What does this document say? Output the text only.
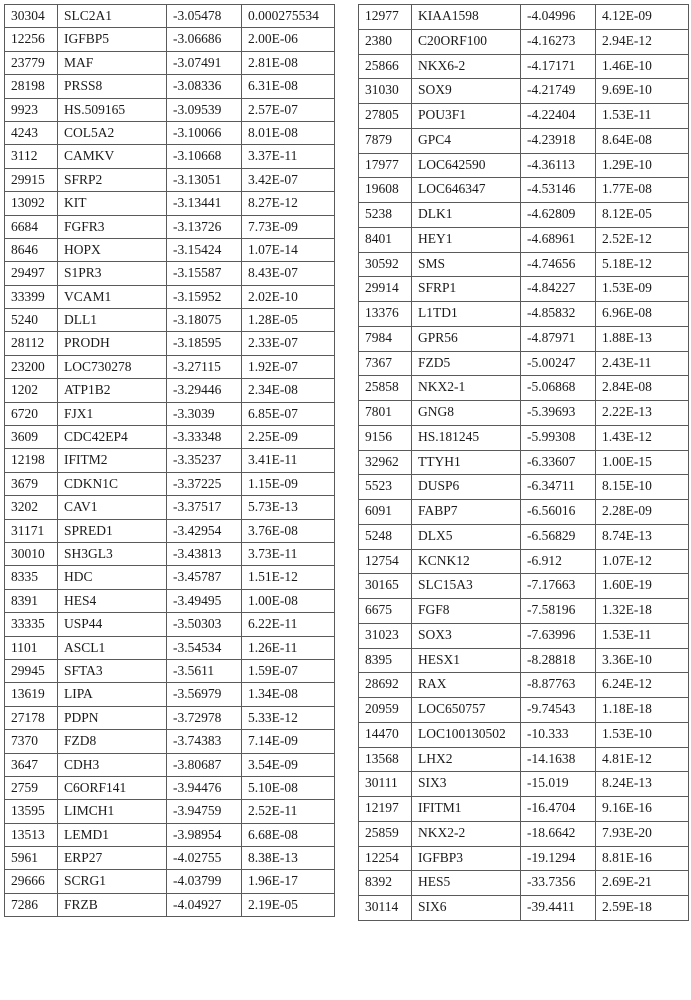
30304	SLC2A1	-3.05478	0.000275534
12256	IGFBP5	-3.06686	2.00E-06
23779	MAF	-3.07491	2.81E-08
28198	PRSS8	-3.08336	6.31E-08
9923	HS.509165	-3.09539	2.57E-07
4243	COL5A2	-3.10066	8.01E-08
3112	CAMKV	-3.10668	3.37E-11
29915	SFRP2	-3.13051	3.42E-07
13092	KIT	-3.13441	8.27E-12
6684	FGFR3	-3.13726	7.73E-09
8646	HOPX	-3.15424	1.07E-14
29497	S1PR3	-3.15587	8.43E-07
33399	VCAM1	-3.15952	2.02E-10
5240	DLL1	-3.18075	1.28E-05
28112	PRODH	-3.18595	2.33E-07
23200	LOC730278	-3.27115	1.92E-07
1202	ATP1B2	-3.29446	2.34E-08
6720	FJX1	-3.3039	6.85E-07
3609	CDC42EP4	-3.33348	2.25E-09
12198	IFITM2	-3.35237	3.41E-11
3679	CDKN1C	-3.37225	1.15E-09
3202	CAV1	-3.37517	5.73E-13
31171	SPRED1	-3.42954	3.76E-08
30010	SH3GL3	-3.43813	3.73E-11
8335	HDC	-3.45787	1.51E-12
8391	HES4	-3.49495	1.00E-08
33335	USP44	-3.50303	6.22E-11
1101	ASCL1	-3.54534	1.26E-11
29945	SFTA3	-3.5611	1.59E-07
13619	LIPA	-3.56979	1.34E-08
27178	PDPN	-3.72978	5.33E-12
7370	FZD8	-3.74383	7.14E-09
3647	CDH3	-3.80687	3.54E-09
2759	C6ORF141	-3.94476	5.10E-08
13595	LIMCH1	-3.94759	2.52E-11
13513	LEMD1	-3.98954	6.68E-08
5961	ERP27	-4.02755	8.38E-13
29666	SCRG1	-4.03799	1.96E-17
7286	FRZB	-4.04927	2.19E-05
12977	KIAA1598	-4.04996	4.12E-09
2380	C20ORF100	-4.16273	2.94E-12
25866	NKX6-2	-4.17171	1.46E-10
31030	SOX9	-4.21749	9.69E-10
27805	POU3F1	-4.22404	1.53E-11
7879	GPC4	-4.23918	8.64E-08
17977	LOC642590	-4.36113	1.29E-10
19608	LOC646347	-4.53146	1.77E-08
5238	DLK1	-4.62809	8.12E-05
8401	HEY1	-4.68961	2.52E-12
30592	SMS	-4.74656	5.18E-12
29914	SFRP1	-4.84227	1.53E-09
13376	L1TD1	-4.85832	6.96E-08
7984	GPR56	-4.87971	1.88E-13
7367	FZD5	-5.00247	2.43E-11
25858	NKX2-1	-5.06868	2.84E-08
7801	GNG8	-5.39693	2.22E-13
9156	HS.181245	-5.99308	1.43E-12
32962	TTYH1	-6.33607	1.00E-15
5523	DUSP6	-6.34711	8.15E-10
6091	FABP7	-6.56016	2.28E-09
5248	DLX5	-6.56829	8.74E-13
12754	KCNK12	-6.912	1.07E-12
30165	SLC15A3	-7.17663	1.60E-19
6675	FGF8	-7.58196	1.32E-18
31023	SOX3	-7.63996	1.53E-11
8395	HESX1	-8.28818	3.36E-10
28692	RAX	-8.87763	6.24E-12
20959	LOC650757	-9.74543	1.18E-18
14470	LOC100130502	-10.333	1.53E-10
13568	LHX2	-14.1638	4.81E-12
30111	SIX3	-15.019	8.24E-13
12197	IFITM1	-16.4704	9.16E-16
25859	NKX2-2	-18.6642	7.93E-20
12254	IGFBP3	-19.1294	8.81E-16
8392	HES5	-33.7356	2.69E-21
30114	SIX6	-39.4411	2.59E-18
